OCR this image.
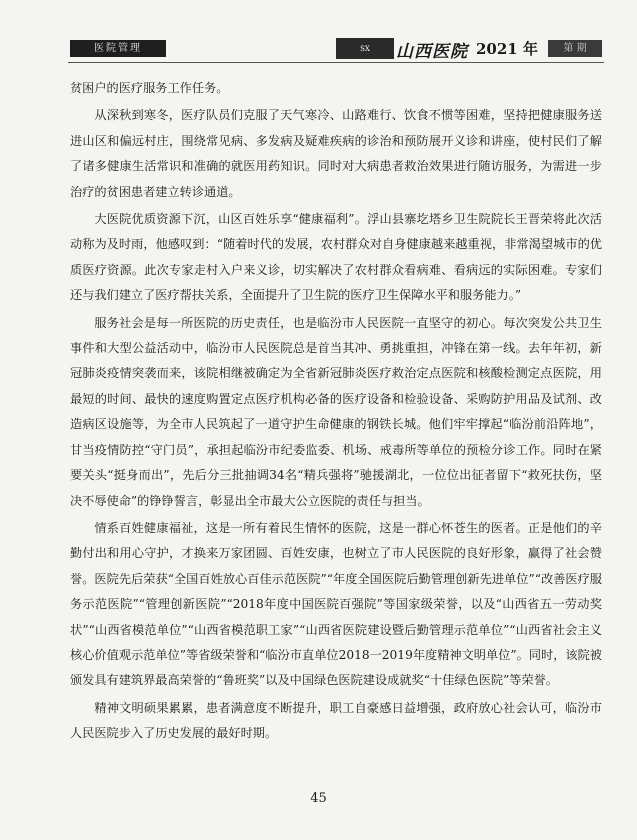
医院管理	SX	山西医院 2021 年	第 期

贫困户的医疗服务工作任务。

从深秋到寒冬，医疗队员们克服了天气寒冷、山路难行、饮食不惯等困难，坚持把健康服务送进山区和偏远村庄，围绕常见病、多发病及疑难疾病的诊治和预防展开义诊和讲座，使村民们了解了诸多健康生活常识和准确的就医用药知识。同时对大病患者救治效果进行随访服务，为需进一步治疗的贫困患者建立转诊通道。

大医院优质资源下沉，山区百姓乐享“健康福利”。浮山县寨圪塔乡卫生院院长王晋荣将此次活动称为及时雨，他感叹到：“随着时代的发展，农村群众对自身健康越来越重视，非常渴望城市的优质医疗资源。此次专家走村入户来义诊，切实解决了农村群众看病难、看病远的实际困难。专家们还与我们建立了医疗帮扶关系，全面提升了卫生院的医疗卫生保障水平和服务能力。”

服务社会是每一所医院的历史责任，也是临汾市人民医院一直坚守的初心。每次突发公共卫生事件和大型公益活动中，临汾市人民医院总是首当其冲、勇挑重担，冲锋在第一线。去年年初，新冠肺炎疫情突袭而来，该院相继被确定为全省新冠肺炎医疗救治定点医院和核酸检测定点医院，用最短的时间、最快的速度购置定点医疗机构必备的医疗设备和检验设备、采购防护用品及试剂、改造病区设施等，为全市人民筑起了一道守护生命健康的钢铁长城。他们牢牢撑起“临汾前沿阵地”，甘当疫情防控“守门员”，承担起临汾市纪委监委、机场、戒毒所等单位的预检分诊工作。同时在紧要关头“挺身而出”，先后分三批抽调34名“精兵强将”驰援湖北，一位位出征者留下“救死扶伤，坚决不辱使命”的铮铮誓言，彰显出全市最大公立医院的责任与担当。

情系百姓健康福祉，这是一所有着民生情怀的医院，这是一群心怀苍生的医者。正是他们的辛勤付出和用心守护，才换来万家团圆、百姓安康，也树立了市人民医院的良好形象，赢得了社会赞誉。医院先后荣获“全国百姓放心百佳示范医院”“年度全国医院后勤管理创新先进单位”“改善医疗服务示范医院”“管理创新医院”“2018年度中国医院百强院”等国家级荣誉，以及“山西省五一劳动奖状”“山西省模范单位”“山西省模范职工家”“山西省医院建设暨后勤管理示范单位”“山西省社会主义核心价值观示范单位”等省级荣誉和“临汾市直单位2018一2019年度精神文明单位”。同时，该院被颁发具有建筑界最高荣誉的“鲁班奖”以及中国绿色医院建设成就奖“十佳绿色医院”等荣誉。

精神文明硕果累累，患者满意度不断提升，职工自豪感日益增强，政府放心社会认可，临汾市人民医院步入了历史发展的最好时期。

45
